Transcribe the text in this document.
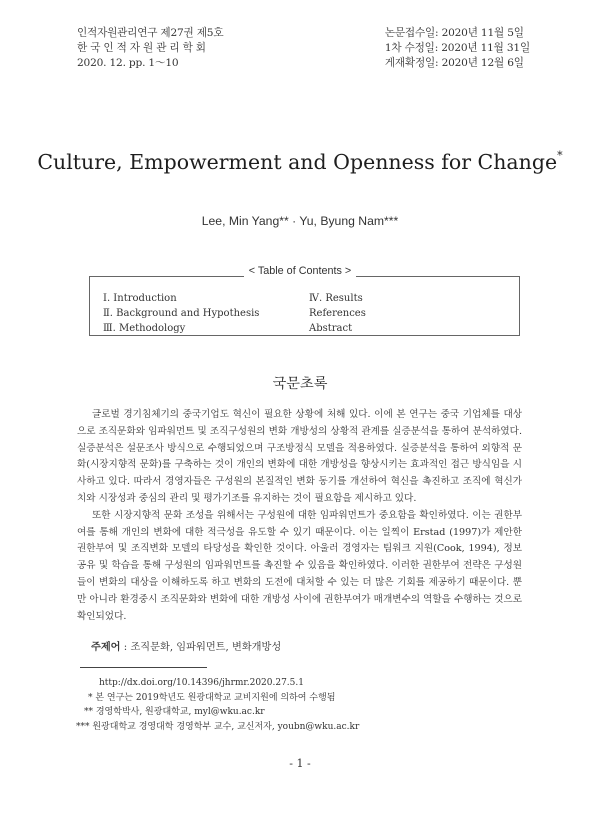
인적자원관리연구 제27권 제5호
한 국 인 적 자 원 관 리 학 회
2020. 12. pp. 1～10
논문접수일: 2020년 11월 5일
1차 수정일: 2020년 11월 31일
게재확정일: 2020년 12월 6일
Culture, Empowerment and Openness for Change*
Lee, Min Yang** · Yu, Byung Nam***
< Table of Contents >
Ⅰ. Introduction
Ⅱ. Background and Hypothesis
Ⅲ. Methodology
Ⅳ. Results
References
Abstract
국문초록

글로벌 경기침체기의 중국기업도 혁신이 필요한 상황에 처해 있다. 이에 본 연구는 중국 기업체를 대상으로 조직문화와 임파워먼트 및 조직구성원의 변화 개방성의 상황적 관계를 실증분석을 통하여 분석하였다. 실증분석은 설문조사 방식으로 수행되었으며 구조방정식 모델을 적용하였다. 실증분석을 통하여 외향적 문화(시장지향적 문화)를 구축하는 것이 개인의 변화에 대한 개방성을 향상시키는 효과적인 접근 방식임을 시사하고 있다. 따라서 경영자들은 구성원의 본질적인 변화 동기를 개선하여 혁신을 촉진하고 조직에 혁신가치와 시장성과 중심의 관리 및 평가기조를 유지하는 것이 필요함을 제시하고 있다.

또한 시장지향적 문화 조성을 위해서는 구성원에 대한 임파워먼트가 중요함을 확인하였다. 이는 권한부여를 통해 개인의 변화에 대한 적극성을 유도할 수 있기 때문이다. 이는 일찍이 Erstad (1997)가 제안한 권한부여 및 조직변화 모델의 타당성을 확인한 것이다. 아울러 경영자는 팀워크 지원(Cook, 1994), 정보공유 및 학습을 통해 구성원의 임파워먼트를 촉진할 수 있음을 확인하였다. 이러한 권한부여 전략은 구성원들이 변화의 대상을 이해하도록 하고 변화의 도전에 대처할 수 있는 더 많은 기회를 제공하기 때문이다. 뿐만 아니라 환경중시 조직문화와 변화에 대한 개방성 사이에 권한부여가 매개변수의 역할을 수행하는 것으로 확인되었다.

주제어 : 조직문화, 임파워먼트, 변화개방성
http://dx.doi.org/10.14396/jhrmr.2020.27.5.1
* 본 연구는 2019학년도 원광대학교 교비지원에 의하여 수행됨
** 경영학박사, 원광대학교, myl@wku.ac.kr
*** 원광대학교 경영대학 경영학부 교수, 교신저자, youbn@wku.ac.kr
- 1 -
